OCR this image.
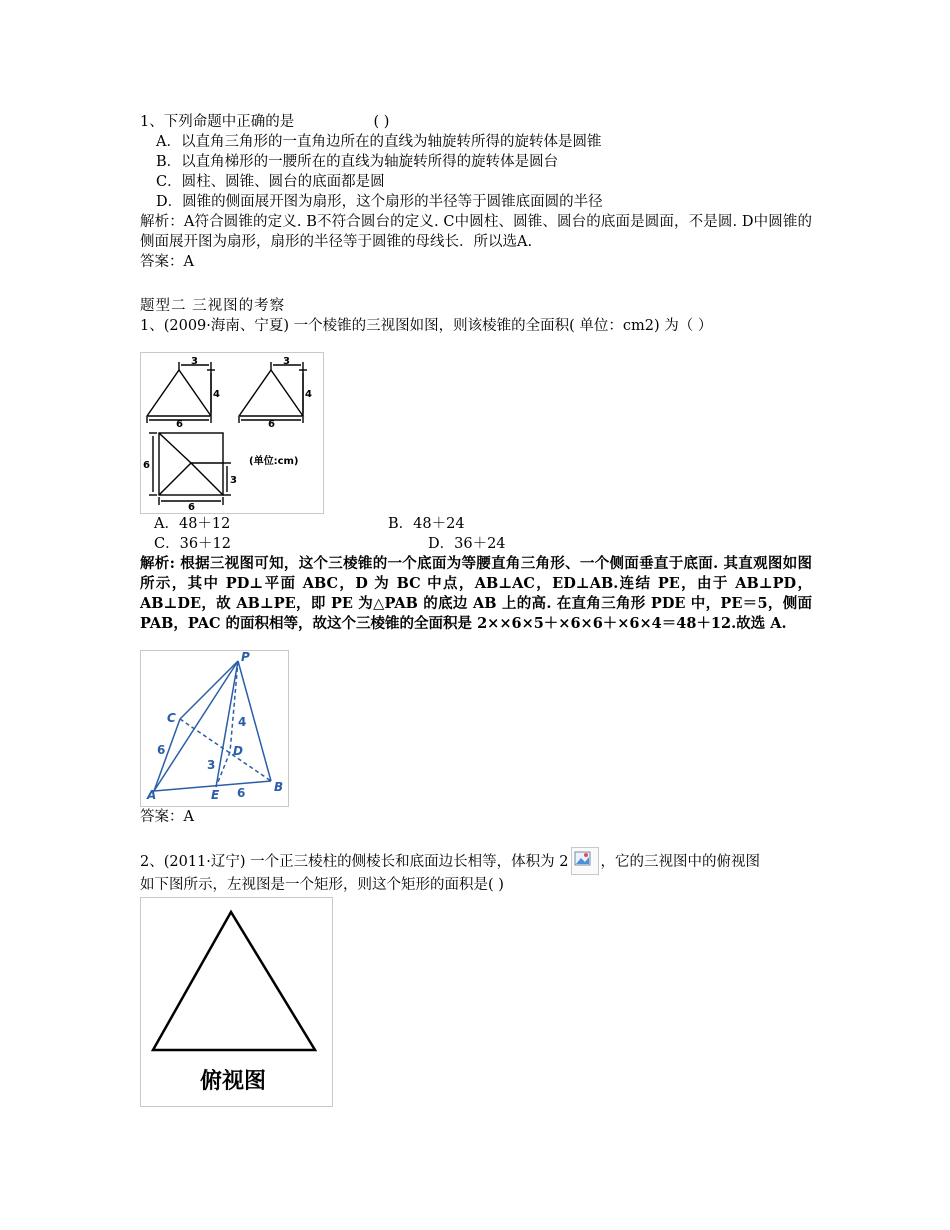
1、下列命题中正确的是	( )
A．以直角三角形的一直角边所在的直线为轴旋转所得的旋转体是圆锥
B．以直角梯形的一腰所在的直线为轴旋转所得的旋转体是圆台
C．圆柱、圆锥、圆台的底面都是圆
D．圆锥的侧面展开图为扇形，这个扇形的半径等于圆锥底面圆的半径
解析：A符合圆锥的定义. B不符合圆台的定义. C中圆柱、圆锥、圆台的底面是圆面，不是圆. D中圆锥的侧面展开图为扇形，扇形的半径等于圆锥的母线长．所以选A.
答案：A
题型二 三视图的考察
1、(2009·海南、宁夏) 一个棱锥的三视图如图，则该棱锥的全面积( 单位：cm2) 为（ ）
3
4
6
3
4
6
6
3
6
(单位:cm)
A．48＋12	B．48＋24
C．36＋12	D．36＋24
解析: 根据三视图可知，这个三棱锥的一个底面为等腰直角三角形、一个侧面垂直于底面. 其直观图如图所示，其中 PD⊥平面 ABC，D 为 BC 中点，AB⊥AC，ED⊥AB.连结 PE，由于 AB⊥PD，AB⊥DE，故 AB⊥PE，即 PE 为△PAB 的底边 AB 上的高. 在直角三角形 PDE 中，PE＝5，侧面 PAB，PAC 的面积相等，故这个三棱锥的全面积是 2××6×5＋×6×6＋×6×4＝48＋12.故选 A.
P
C
D
A	E
B
6
4
3
6
答案：A
2、(2011·辽宁) 一个正三棱柱的侧棱长和底面边长相等，体积为 2 ，它的三视图中的俯视图
如下图所示，左视图是一个矩形，则这个矩形的面积是( )
俯视图
